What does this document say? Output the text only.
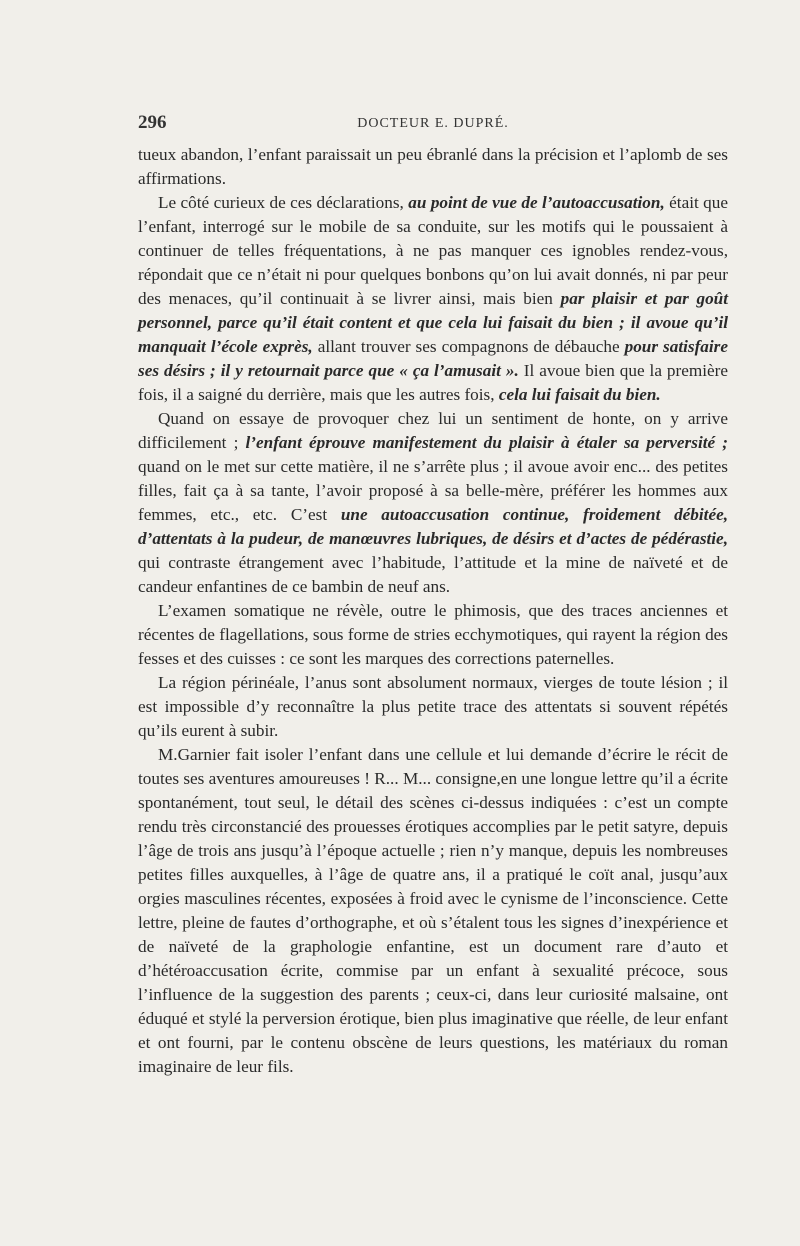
296	DOCTEUR E. DUPRÉ.

tueux abandon, l’enfant paraissait un peu ébranlé dans la précision et l’aplomb de ses affirmations.

Le côté curieux de ces déclarations, au point de vue de l’autoaccusation, était que l’enfant, interrogé sur le mobile de sa conduite, sur les motifs qui le poussaient à continuer de telles fréquentations, à ne pas manquer ces ignobles rendez-vous, répondait que ce n’était ni pour quelques bonbons qu’on lui avait donnés, ni par peur des menaces, qu’il continuait à se livrer ainsi, mais bien par plaisir et par goût personnel, parce qu’il était content et que cela lui faisait du bien ; il avoue qu’il manquait l’école exprès, allant trouver ses compagnons de débauche pour satisfaire ses désirs ; il y retournait parce que « ça l’amusait ». Il avoue bien que la première fois, il a saigné du derrière, mais que les autres fois, cela lui faisait du bien.

Quand on essaye de provoquer chez lui un sentiment de honte, on y arrive difficilement ; l’enfant éprouve manifestement du plaisir à étaler sa perversité ; quand on le met sur cette matière, il ne s’arrête plus ; il avoue avoir enc... des petites filles, fait ça à sa tante, l’avoir proposé à sa belle-mère, préférer les hommes aux femmes, etc., etc. C’est une autoaccusation continue, froidement débitée, d’attentats à la pudeur, de manœuvres lubriques, de désirs et d’actes de pédérastie, qui contraste étrangement avec l’habitude, l’attitude et la mine de naïveté et de candeur enfantines de ce bambin de neuf ans.

L’examen somatique ne révèle, outre le phimosis, que des traces anciennes et récentes de flagellations, sous forme de stries ecchymotiques, qui rayent la région des fesses et des cuisses : ce sont les marques des corrections paternelles.

La région périnéale, l’anus sont absolument normaux, vierges de toute lésion ; il est impossible d’y reconnaître la plus petite trace des attentats si souvent répétés qu’ils eurent à subir.

M.Garnier fait isoler l’enfant dans une cellule et lui demande d’écrire le récit de toutes ses aventures amoureuses ! R... M... consigne,en une longue lettre qu’il a écrite spontanément, tout seul, le détail des scènes ci-dessus indiquées : c’est un compte rendu très circonstancié des prouesses érotiques accomplies par le petit satyre, depuis l’âge de trois ans jusqu’à l’époque actuelle ; rien n’y manque, depuis les nombreuses petites filles auxquelles, à l’âge de quatre ans, il a pratiqué le coït anal, jusqu’aux orgies masculines récentes, exposées à froid avec le cynisme de l’inconscience. Cette lettre, pleine de fautes d’orthographe, et où s’étalent tous les signes d’inexpérience et de naïveté de la graphologie enfantine, est un document rare d’auto et d’hétéroaccusation écrite, commise par un enfant à sexualité précoce, sous l’influence de la suggestion des parents ; ceux-ci, dans leur curiosité malsaine, ont éduqué et stylé la perversion érotique, bien plus imaginative que réelle, de leur enfant et ont fourni, par le contenu obscène de leurs questions, les matériaux du roman imaginaire de leur fils.
